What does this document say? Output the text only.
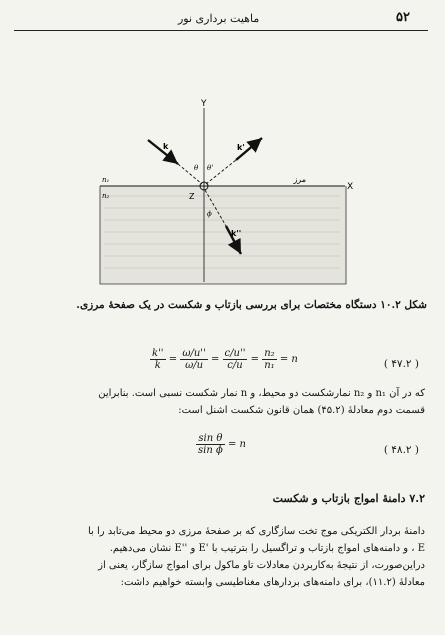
۵۲
ماهیت برداری نور
Y
X
k	k'
k''
θ θ'
ϕ
Z
n₁
n₂
مرز
شکل ۱۰.۲ دستگاه مختصات برای بررسی بازتاب و شکست در یک صفحهٔ مرزی.
$\frac{k''}{k} = \frac{\omega/u''}{\omega/u} = \frac{c/u''}{c/u} = \frac{\text{n₂}}{\text{n₁}} = n$	( ۴۷.۲ )
که در آن n₁ و n₂ نمارشکست دو محیط، و n نمار شکست نسبی است. بنابراین
قسمت دوم معادلهٔ (۴۵.۲) همان قانون شکست اشنل است:
$\frac{\text{sin θ}}{\text{sin ϕ}} = n$	( ۴۸.۲ )
۷.۲ دامنهٔ امواج بازتاب و شکست
دامنهٔ بردار الکتریکی موج تخت سازگاری که بر صفحهٔ مرزی دو محیط می‌تابد را با
E ، و دامنه‌های امواج بازتاب و تراگسیل را بترتیب با 'E و ''E نشان می‌دهیم.
دراین‌صورت، از نتیجهٔ به‌کاربردن معادلات تاو ماکول برای امواج سازگار، یعنی از
معادلهٔ (۱۱.۲)، برای دامنه‌های بردارهای مغناطیسی وابسته خواهیم داشت:
